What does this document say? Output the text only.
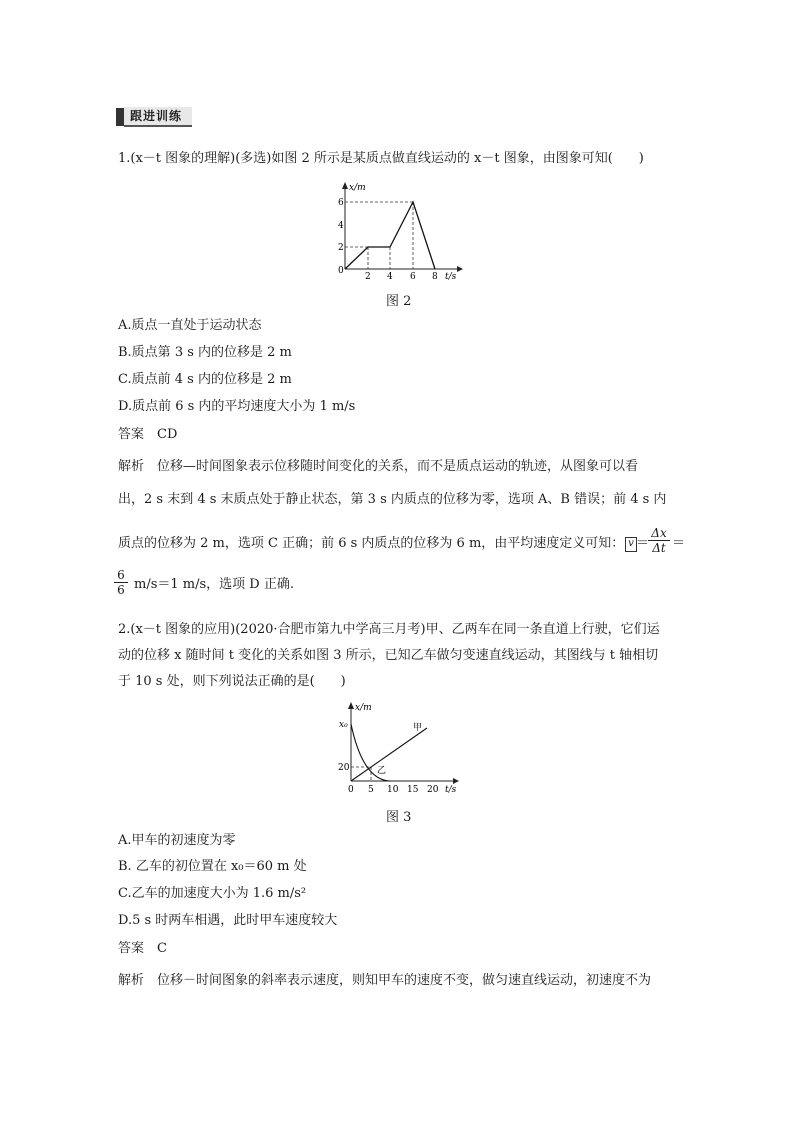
跟进训练
1.(x－t 图象的理解)(多选)如图 2 所示是某质点做直线运动的 x－t 图象，由图象可知(　　)
x/m
6
4
2
0
2 4 6 8 t/s
图 2
A.质点一直处于运动状态
B.质点第 3 s 内的位移是 2 m
C.质点前 4 s 内的位移是 2 m
D.质点前 6 s 内的平均速度大小为 1 m/s
答案　CD
解析　位移—时间图象表示位移随时间变化的关系，而不是质点运动的轨迹，从图象可以看
出，2 s 末到 4 s 末质点处于静止状态，第 3 s 内质点的位移为零，选项 A、B 错误；前 4 s 内
质点的位移为 2 m，选项 C 正确；前 6 s 内质点的位移为 6 m，由平均速度定义可知： v ＝
$\frac{\Delta x}{\Delta t}$ ＝
$\frac{6}{6} m/s=1$ m/s，选项 D 正确.
2.(x－t 图象的应用)(2020·合肥市第九中学高三月考)甲、乙两车在同一条直道上行驶，它们运
动的位移 x 随时间 t 变化的关系如图 3 所示，已知乙车做匀变速直线运动，其图线与 t 轴相切
于 10 s 处，则下列说法正确的是(　　)
x/m
x₀
20
甲
乙
0 5 10 15 20 t/s
图 3
A.甲车的初速度为零
B. 乙车的初位置在 x₀＝60 m 处
C.乙车的加速度大小为 1.6 m/s²
D.5 s 时两车相遇，此时甲车速度较大
答案　C
解析　位移－时间图象的斜率表示速度，则知甲车的速度不变，做匀速直线运动，初速度不为
